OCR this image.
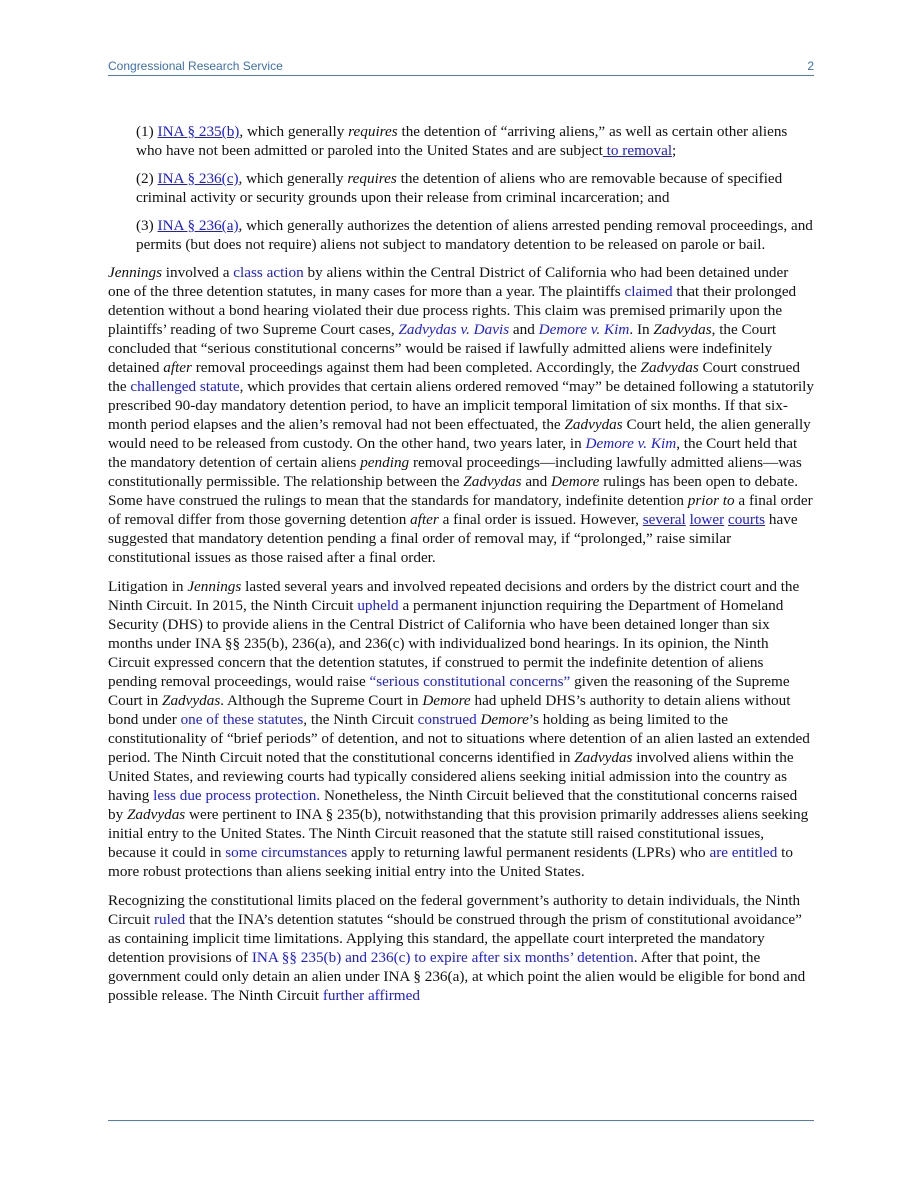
Congressional Research Service	2

(1) INA § 235(b), which generally requires the detention of “arriving aliens,” as well as certain other aliens who have not been admitted or paroled into the United States and are subject to removal;

(2) INA § 236(c), which generally requires the detention of aliens who are removable because of specified criminal activity or security grounds upon their release from criminal incarceration; and

(3) INA § 236(a), which generally authorizes the detention of aliens arrested pending removal proceedings, and permits (but does not require) aliens not subject to mandatory detention to be released on parole or bail.

Jennings involved a class action by aliens within the Central District of California who had been detained under one of the three detention statutes, in many cases for more than a year. The plaintiffs claimed that their prolonged detention without a bond hearing violated their due process rights. This claim was premised primarily upon the plaintiffs’ reading of two Supreme Court cases, Zadvydas v. Davis and Demore v. Kim. In Zadvydas, the Court concluded that “serious constitutional concerns” would be raised if lawfully admitted aliens were indefinitely detained after removal proceedings against them had been completed. Accordingly, the Zadvydas Court construed the challenged statute, which provides that certain aliens ordered removed “may” be detained following a statutorily prescribed 90-day mandatory detention period, to have an implicit temporal limitation of six months. If that six-month period elapses and the alien’s removal had not been effectuated, the Zadvydas Court held, the alien generally would need to be released from custody. On the other hand, two years later, in Demore v. Kim, the Court held that the mandatory detention of certain aliens pending removal proceedings—including lawfully admitted aliens—was constitutionally permissible. The relationship between the Zadvydas and Demore rulings has been open to debate. Some have construed the rulings to mean that the standards for mandatory, indefinite detention prior to a final order of removal differ from those governing detention after a final order is issued. However, several lower courts have suggested that mandatory detention pending a final order of removal may, if “prolonged,” raise similar constitutional issues as those raised after a final order.

Litigation in Jennings lasted several years and involved repeated decisions and orders by the district court and the Ninth Circuit. In 2015, the Ninth Circuit upheld a permanent injunction requiring the Department of Homeland Security (DHS) to provide aliens in the Central District of California who have been detained longer than six months under INA §§ 235(b), 236(a), and 236(c) with individualized bond hearings. In its opinion, the Ninth Circuit expressed concern that the detention statutes, if construed to permit the indefinite detention of aliens pending removal proceedings, would raise “serious constitutional concerns” given the reasoning of the Supreme Court in Zadvydas. Although the Supreme Court in Demore had upheld DHS’s authority to detain aliens without bond under one of these statutes, the Ninth Circuit construed Demore’s holding as being limited to the constitutionality of “brief periods” of detention, and not to situations where detention of an alien lasted an extended period. The Ninth Circuit noted that the constitutional concerns identified in Zadvydas involved aliens within the United States, and reviewing courts had typically considered aliens seeking initial admission into the country as having less due process protection. Nonetheless, the Ninth Circuit believed that the constitutional concerns raised by Zadvydas were pertinent to INA § 235(b), notwithstanding that this provision primarily addresses aliens seeking initial entry to the United States. The Ninth Circuit reasoned that the statute still raised constitutional issues, because it could in some circumstances apply to returning lawful permanent residents (LPRs) who are entitled to more robust protections than aliens seeking initial entry into the United States.

Recognizing the constitutional limits placed on the federal government’s authority to detain individuals, the Ninth Circuit ruled that the INA’s detention statutes “should be construed through the prism of constitutional avoidance” as containing implicit time limitations. Applying this standard, the appellate court interpreted the mandatory detention provisions of INA §§ 235(b) and 236(c) to expire after six months’ detention. After that point, the government could only detain an alien under INA § 236(a), at which point the alien would be eligible for bond and possible release. The Ninth Circuit further affirmed
